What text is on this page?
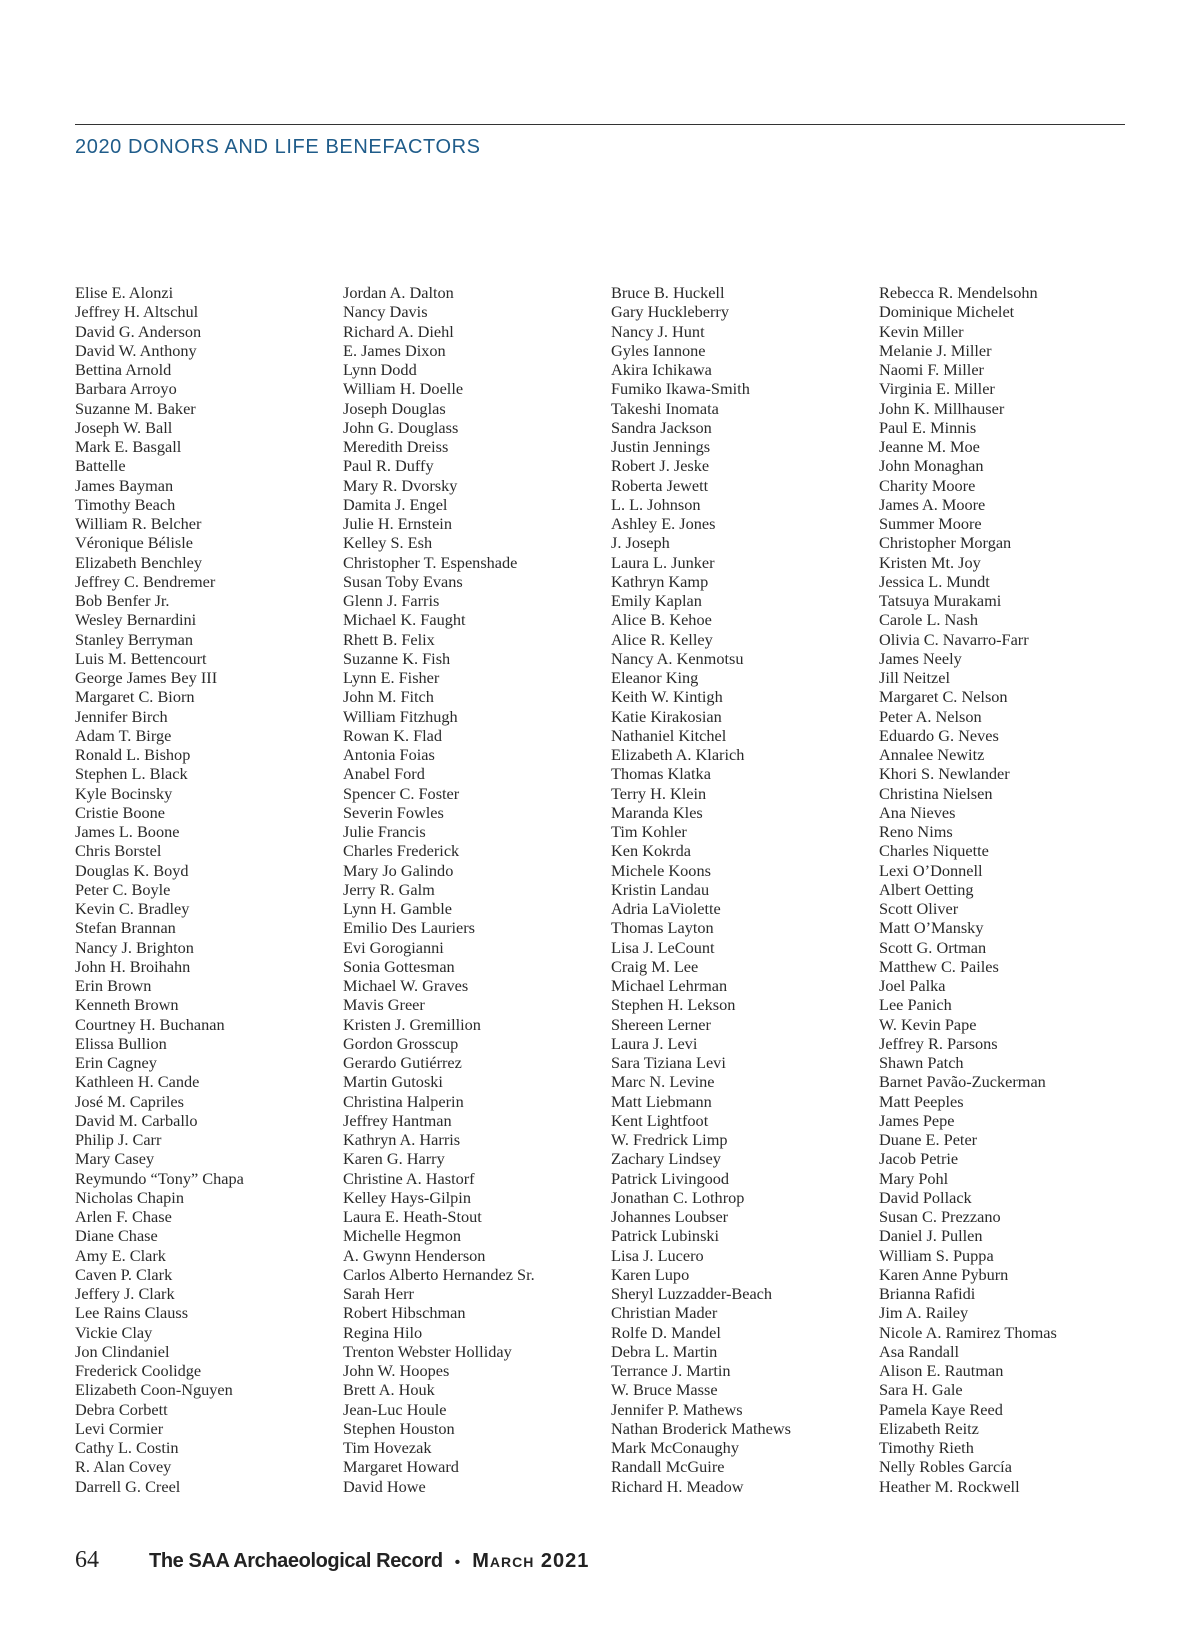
2020 DONORS AND LIFE BENEFACTORS
Elise E. Alonzi
Jeffrey H. Altschul
David G. Anderson
David W. Anthony
Bettina Arnold
Barbara Arroyo
Suzanne M. Baker
Joseph W. Ball
Mark E. Basgall
Battelle
James Bayman
Timothy Beach
William R. Belcher
Véronique Bélisle
Elizabeth Benchley
Jeffrey C. Bendremer
Bob Benfer Jr.
Wesley Bernardini
Stanley Berryman
Luis M. Bettencourt
George James Bey III
Margaret C. Biorn
Jennifer Birch
Adam T. Birge
Ronald L. Bishop
Stephen L. Black
Kyle Bocinsky
Cristie Boone
James L. Boone
Chris Borstel
Douglas K. Boyd
Peter C. Boyle
Kevin C. Bradley
Stefan Brannan
Nancy J. Brighton
John H. Broihahn
Erin Brown
Kenneth Brown
Courtney H. Buchanan
Elissa Bullion
Erin Cagney
Kathleen H. Cande
José M. Capriles
David M. Carballo
Philip J. Carr
Mary Casey
Reymundo “Tony” Chapa
Nicholas Chapin
Arlen F. Chase
Diane Chase
Amy E. Clark
Caven P. Clark
Jeffery J. Clark
Lee Rains Clauss
Vickie Clay
Jon Clindaniel
Frederick Coolidge
Elizabeth Coon-Nguyen
Debra Corbett
Levi Cormier
Cathy L. Costin
R. Alan Covey
Darrell G. Creel
Jordan A. Dalton
Nancy Davis
Richard A. Diehl
E. James Dixon
Lynn Dodd
William H. Doelle
Joseph Douglas
John G. Douglass
Meredith Dreiss
Paul R. Duffy
Mary R. Dvorsky
Damita J. Engel
Julie H. Ernstein
Kelley S. Esh
Christopher T. Espenshade
Susan Toby Evans
Glenn J. Farris
Michael K. Faught
Rhett B. Felix
Suzanne K. Fish
Lynn E. Fisher
John M. Fitch
William Fitzhugh
Rowan K. Flad
Antonia Foias
Anabel Ford
Spencer C. Foster
Severin Fowles
Julie Francis
Charles Frederick
Mary Jo Galindo
Jerry R. Galm
Lynn H. Gamble
Emilio Des Lauriers
Evi Gorogianni
Sonia Gottesman
Michael W. Graves
Mavis Greer
Kristen J. Gremillion
Gordon Grosscup
Gerardo Gutiérrez
Martin Gutoski
Christina Halperin
Jeffrey Hantman
Kathryn A. Harris
Karen G. Harry
Christine A. Hastorf
Kelley Hays-Gilpin
Laura E. Heath-Stout
Michelle Hegmon
A. Gwynn Henderson
Carlos Alberto Hernandez Sr.
Sarah Herr
Robert Hibschman
Regina Hilo
Trenton Webster Holliday
John W. Hoopes
Brett A. Houk
Jean-Luc Houle
Stephen Houston
Tim Hovezak
Margaret Howard
David Howe
Bruce B. Huckell
Gary Huckleberry
Nancy J. Hunt
Gyles Iannone
Akira Ichikawa
Fumiko Ikawa-Smith
Takeshi Inomata
Sandra Jackson
Justin Jennings
Robert J. Jeske
Roberta Jewett
L. L. Johnson
Ashley E. Jones
J. Joseph
Laura L. Junker
Kathryn Kamp
Emily Kaplan
Alice B. Kehoe
Alice R. Kelley
Nancy A. Kenmotsu
Eleanor King
Keith W. Kintigh
Katie Kirakosian
Nathaniel Kitchel
Elizabeth A. Klarich
Thomas Klatka
Terry H. Klein
Maranda Kles
Tim Kohler
Ken Kokrda
Michele Koons
Kristin Landau
Adria LaViolette
Thomas Layton
Lisa J. LeCount
Craig M. Lee
Michael Lehrman
Stephen H. Lekson
Shereen Lerner
Laura J. Levi
Sara Tiziana Levi
Marc N. Levine
Matt Liebmann
Kent Lightfoot
W. Fredrick Limp
Zachary Lindsey
Patrick Livingood
Jonathan C. Lothrop
Johannes Loubser
Patrick Lubinski
Lisa J. Lucero
Karen Lupo
Sheryl Luzzadder-Beach
Christian Mader
Rolfe D. Mandel
Debra L. Martin
Terrance J. Martin
W. Bruce Masse
Jennifer P. Mathews
Nathan Broderick Mathews
Mark McConaughy
Randall McGuire
Richard H. Meadow
Rebecca R. Mendelsohn
Dominique Michelet
Kevin Miller
Melanie J. Miller
Naomi F. Miller
Virginia E. Miller
John K. Millhauser
Paul E. Minnis
Jeanne M. Moe
John Monaghan
Charity Moore
James A. Moore
Summer Moore
Christopher Morgan
Kristen Mt. Joy
Jessica L. Mundt
Tatsuya Murakami
Carole L. Nash
Olivia C. Navarro-Farr
James Neely
Jill Neitzel
Margaret C. Nelson
Peter A. Nelson
Eduardo G. Neves
Annalee Newitz
Khori S. Newlander
Christina Nielsen
Ana Nieves
Reno Nims
Charles Niquette
Lexi O’Donnell
Albert Oetting
Scott Oliver
Matt O’Mansky
Scott G. Ortman
Matthew C. Pailes
Joel Palka
Lee Panich
W. Kevin Pape
Jeffrey R. Parsons
Shawn Patch
Barnet Pavão-Zuckerman
Matt Peeples
James Pepe
Duane E. Peter
Jacob Petrie
Mary Pohl
David Pollack
Susan C. Prezzano
Daniel J. Pullen
William S. Puppa
Karen Anne Pyburn
Brianna Rafidi
Jim A. Railey
Nicole A. Ramirez Thomas
Asa Randall
Alison E. Rautman
Sara H. Gale
Pamela Kaye Reed
Elizabeth Reitz
Timothy Rieth
Nelly Robles García
Heather M. Rockwell
64	The SAA Archaeological Record • March 2021
